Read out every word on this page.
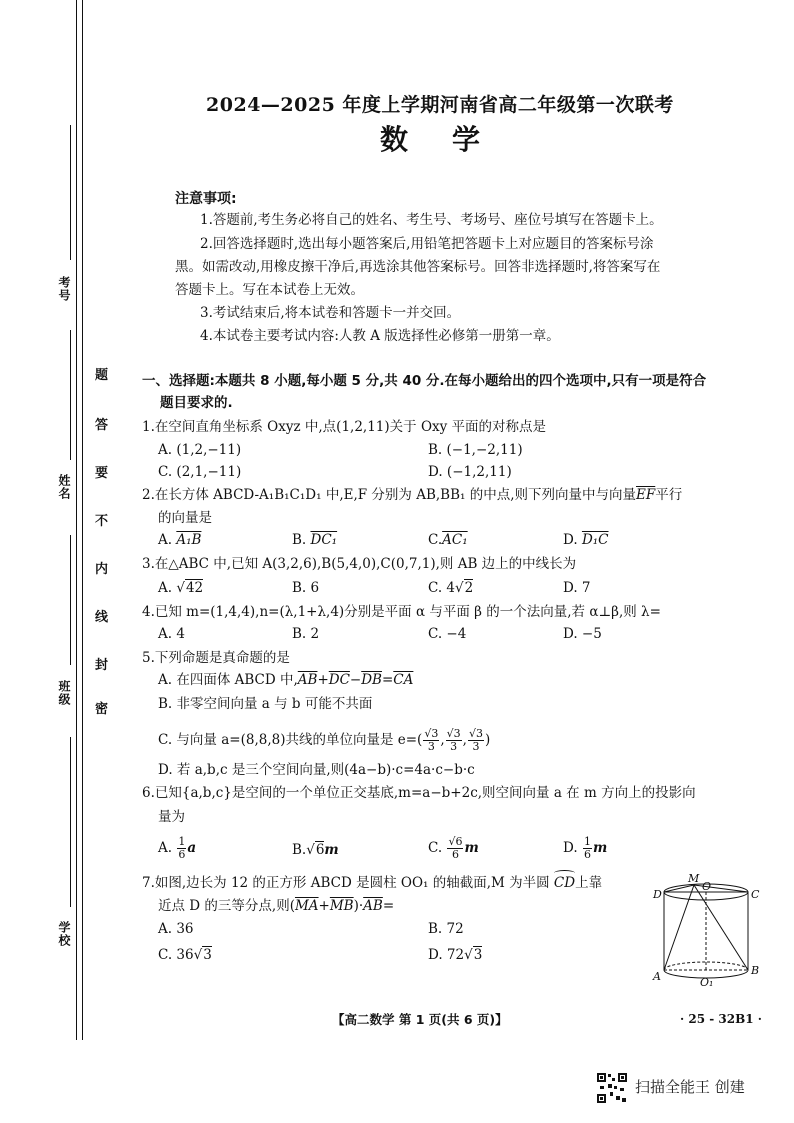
考号
姓名
班级
学校
题
答
要
不
内
线
封
密
2024—2025 年度上学期河南省高二年级第一次联考
数学
注意事项:
1.答题前,考生务必将自己的姓名、考生号、考场号、座位号填写在答题卡上。
2.回答选择题时,选出每小题答案后,用铅笔把答题卡上对应题目的答案标号涂
黑。如需改动,用橡皮擦干净后,再选涂其他答案标号。回答非选择题时,将答案写在
答题卡上。写在本试卷上无效。
3.考试结束后,将本试卷和答题卡一并交回。
4.本试卷主要考试内容:人教 A 版选择性必修第一册第一章。
一、选择题:本题共 8 小题,每小题 5 分,共 40 分.在每小题给出的四个选项中,只有一项是符合
题目要求的.
1.在空间直角坐标系 Oxyz 中,点(1,2,11)关于 Oxy 平面的对称点是
A. (1,2,−11)	B. (−1,−2,11)
C. (2,1,−11)	D. (−1,2,11)
2.在长方体 ABCD-A₁B₁C₁D₁ 中,E,F 分别为 AB,BB₁ 的中点,则下列向量中与向量$\overline{EF}$平行
的向量是
A. A₁B	B. DC₁	C.AC₁	D. D₁C
3.在△ABC 中,已知 A(3,2,6),B(5,4,0),C(0,7,1),则 AB 边上的中线长为
A. √42	B. 6	C. 4√2	D. 7
4.已知 m=(1,4,4),n=(λ,1+λ,4)分别是平面 α 与平面 β 的一个法向量,若 α⊥β,则 λ=
A. 4	B. 2	C. −4	D. −5
5.下列命题是真命题的是
A. 在四面体 ABCD 中$,\overline{AB}+\overline{DC}-\overline{DB}=\overline{CA}$
B. 非零空间向量 a 与 b 可能不共面
C. 与向量 a=(8,8,8)共线的单位向量是 $e=( \frac{√3}{3}$ , $\frac{√3}{3}$ , $\frac{√3}{3}$ )
D. 若 a,b,c 是三个空间向量,则(4a−b)·c=4a·c−b·c
6.已知{a,b,c}是空间的一个单位正交基底,m=a−b+2c,则空间向量 a 在 m 方向上的投影向
量为
A. $\frac{1}{6}$ a	B.√6m	C. $\frac{√6}{6}$ m	D. $\frac{1}{6}$ m
7.如图,边长为 12 的正方形 ABCD 是圆柱 OO₁ 的轴截面,M 为半圆 CD上靠
近点 D 的三等分点,则$(\overline{MA}+\overline{MB})\cdot\overline{AB}=$
A. 36	B. 72
C. 36√3	D. 72√3
M
O
D	C
A	O₁
B
【高二数学 第 1 页(共 6 页)】	· 25 - 32B1 ·
扫描全能王 创建
